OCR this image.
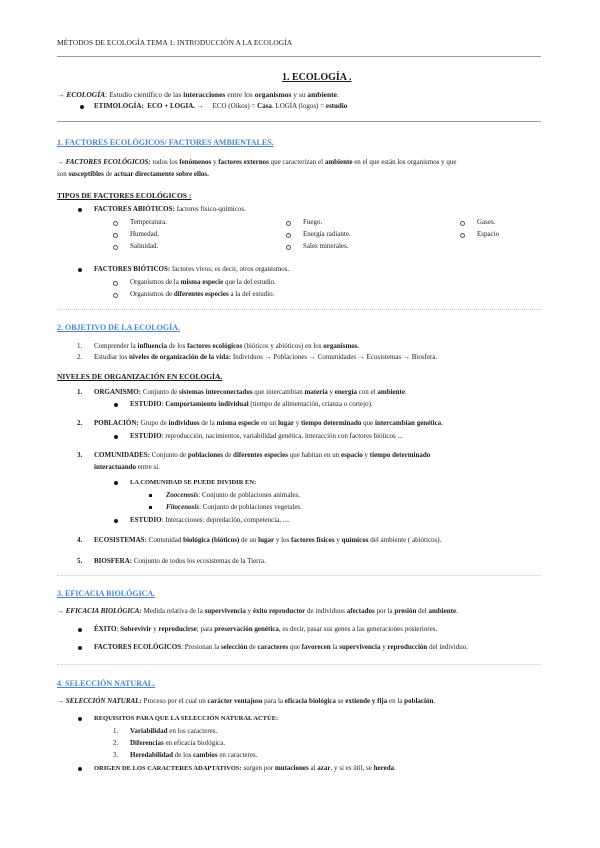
MÉTODOS DE ECOLOGÍA TEMA 1: INTRODUCCIÓN A LA ECOLOGÍA
1. ECOLOGÍA .
→ ECOLOGÍA: Estudio científico de las interacciones entre los organismos y su ambiente.
ETIMOLOGÍA: ECO + LOGIA. → ECO (Oikos) = Casa. LOGÍA (logos) = estudio
1. FACTORES ECOLÓGICOS/ FACTORES AMBIENTALES.
→ FACTORES ECOLÓGICOS: todos los fenómenos y factores externos que caracterizan el ambiente en el que están los organismos y que
son susceptibles de actuar directamente sobre ellos.
TIPOS DE FACTORES ECOLÓGICOS :
FACTORES ABIÓTICOS: factores físico-químicos.
Temperatura.
Humedad.
Salinidad.
Fuego.
Energía radiante.
Sales minerales.
Gases.
Espacio
FACTORES BIÓTICOS: factores vivos; es decir, otros organismos.
Organismos de la misma especie que la del estudio.
Organismos de diferentes especies a la del estudio.
2. OBJETIVO DE LA ECOLOGÍA.
1. Comprender la influencia de los factores ecológicos (bióticos y abióticos) en los organismos.
2. Estudiar los niveles de organización de la vida: Individuos → Poblaciones → Comunidades → Ecosistemas → Biosfera.
NIVELES DE ORGANIZACIÓN EN ECOLOGÍA.
1. ORGANISMO: Conjunto de sistemas interconectados que intercambian materia y energía con el ambiente.
ESTUDIO: Comportamiento individual (tiempo de alimentación, crianza o cortejo).
2. POBLACIÓN: Grupo de individuos de la misma especie en un lugar y tiempo determinado que intercambian genética.
ESTUDIO: reproducción, nacimientos, variabilidad genética, interacción con factores bióticos ...
3. COMUNIDADES: Conjunto de poblaciones de diferentes especies que habitan en un espacio y tiempo determinado
interactuando entre sí.
LA COMUNIDAD SE PUEDE DIVIDIR EN:
Zoocenosis: Conjunto de poblaciones animales.
Fitocenosis: Conjunto de poblaciones vegetales.
ESTUDIO: Interacciones: depredación, competencia, ....
4. ECOSISTEMAS: Comunidad biológica (bióticos) de un lugar y los factores físicos y químicos del ambiente ( abióticos).
5. BIOSFERA: Conjunto de todos los ecosistemas de la Tierra.
3. EFICACIA BIOLÓGICA.
→ EFICACIA BIOLÓGICA: Medida relativa de la supervivencia y éxito reproductor de individuos afectados por la presión del ambiente.
ÉXITO: Sobrevivir y reproducirse; para preservación genética, es decir, pasar sus genes a las generaciones posteriores.
FACTORES ECOLÓGICOS: Presionan la selección de caracteres que favorecen la supervivencia y reproducción del individuo.
4. SELECCIÓN NATURAL.
→ SELECCIÓN NATURAL: Proceso por el cual un carácter ventajoso para la eficacia biológica se extiende y fija en la población.
REQUISITOS PARA QUE LA SELECCIÓN NATURAL ACTÚE:
1. Variabilidad en los caracteres.
2. Diferencias en eficacia biológica.
3. Heredabilidad de los cambios en caracteres.
ORIGEN DE LOS CARACTERES ADAPTATIVOS: surgen por mutaciones al azar, y si es útil, se hereda.
